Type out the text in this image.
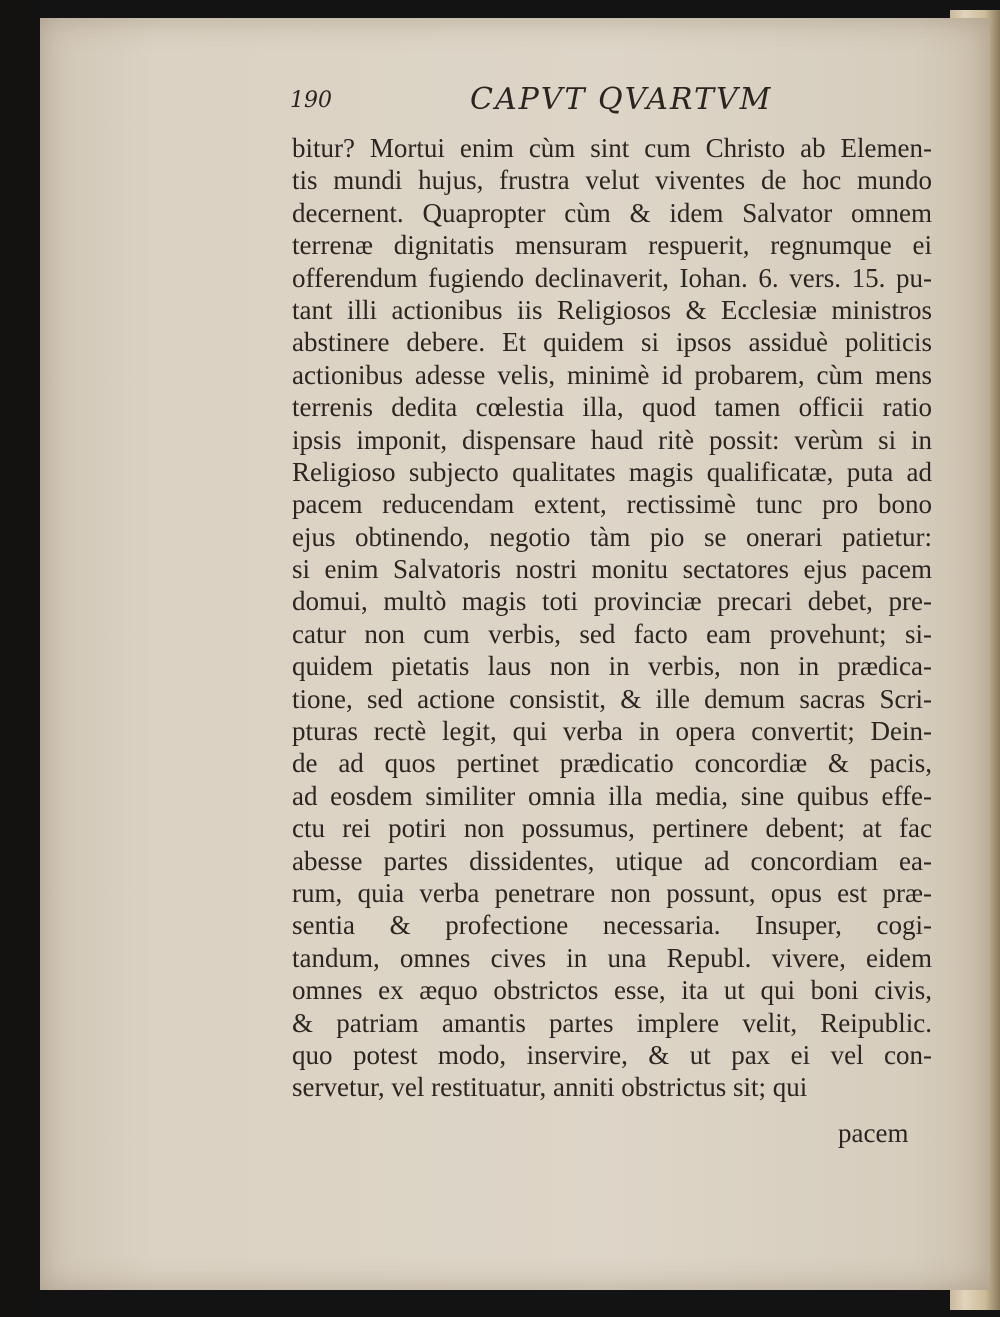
190	CAPVT QVARTVM
bitur? Mortui enim cùm sint cum Christo ab Elemen-
tis mundi hujus, frustra velut viventes de hoc mundo
decernent. Quapropter cùm & idem Salvator omnem
terrenæ dignitatis mensuram respuerit, regnumque ei
offerendum fugiendo declinaverit, Iohan. 6. vers. 15. pu-
tant illi actionibus iis Religiosos & Ecclesiæ ministros
abstinere debere. Et quidem si ipsos assiduè politicis
actionibus adesse velis, minimè id probarem, cùm mens
terrenis dedita cœlestia illa, quod tamen officii ratio
ipsis imponit, dispensare haud ritè possit: verùm si in
Religioso subjecto qualitates magis qualificatæ, puta ad
pacem reducendam extent, rectissimè tunc pro bono
ejus obtinendo, negotio tàm pio se onerari patietur:
si enim Salvatoris nostri monitu sectatores ejus pacem
domui, multò magis toti provinciæ precari debet, pre-
catur non cum verbis, sed facto eam provehunt; si-
quidem pietatis laus non in verbis, non in prædica-
tione, sed actione consistit, & ille demum sacras Scri-
pturas rectè legit, qui verba in opera convertit; Dein-
de ad quos pertinet prædicatio concordiæ & pacis,
ad eosdem similiter omnia illa media, sine quibus effe-
ctu rei potiri non possumus, pertinere debent; at fac
abesse partes dissidentes, utique ad concordiam ea-
rum, quia verba penetrare non possunt, opus est præ-
sentia & profectione necessaria. Insuper, cogi-
tandum, omnes cives in una Republ. vivere, eidem
omnes ex æquo obstrictos esse, ita ut qui boni civis,
& patriam amantis partes implere velit, Reipublic.
quo potest modo, inservire, & ut pax ei vel con-
servetur, vel restituatur, anniti obstrictus sit; qui
pacem
